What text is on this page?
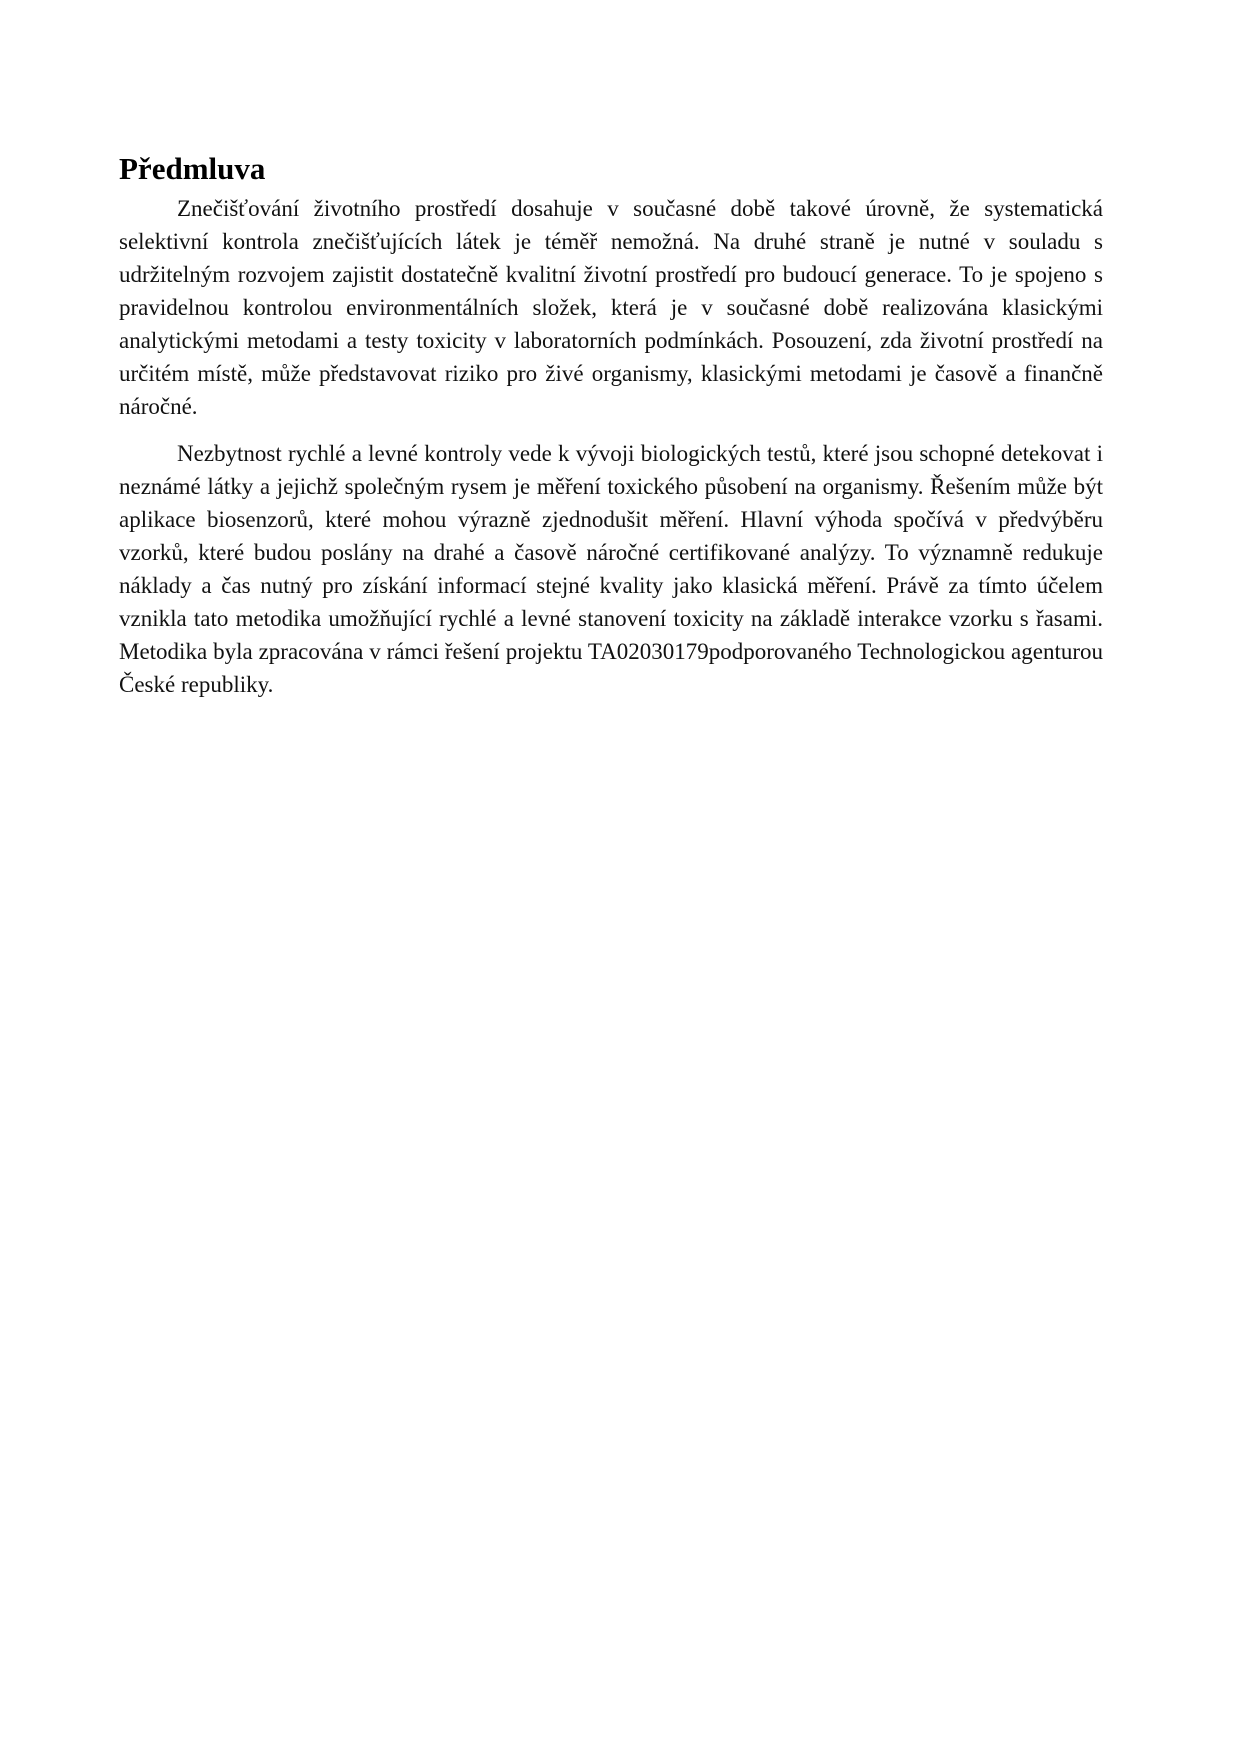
Předmluva

Znečišťování životního prostředí dosahuje v současné době takové úrovně, že systematická selektivní kontrola znečišťujících látek je téměř nemožná. Na druhé straně je nutné v souladu s udržitelným rozvojem zajistit dostatečně kvalitní životní prostředí pro budoucí generace. To je spojeno s pravidelnou kontrolou environmentálních složek, která je v současné době realizována klasickými analytickými metodami a testy toxicity v laboratorních podmínkách. Posouzení, zda životní prostředí na určitém místě, může představovat riziko pro živé organismy, klasickými metodami je časově a finančně náročné.

Nezbytnost rychlé a levné kontroly vede k vývoji biologických testů, které jsou schopné detekovat i neznámé látky a jejichž společným rysem je měření toxického působení na organismy. Řešením může být aplikace biosenzorů, které mohou výrazně zjednodušit měření. Hlavní výhoda spočívá v předvýběru vzorků, které budou poslány na drahé a časově náročné certifikované analýzy. To významně redukuje náklady a čas nutný pro získání informací stejné kvality jako klasická měření. Právě za tímto účelem vznikla tato metodika umožňující rychlé a levné stanovení toxicity na základě interakce vzorku s řasami. Metodika byla zpracována v rámci řešení projektu TA02030179podporovaného Technologickou agenturou České republiky.
